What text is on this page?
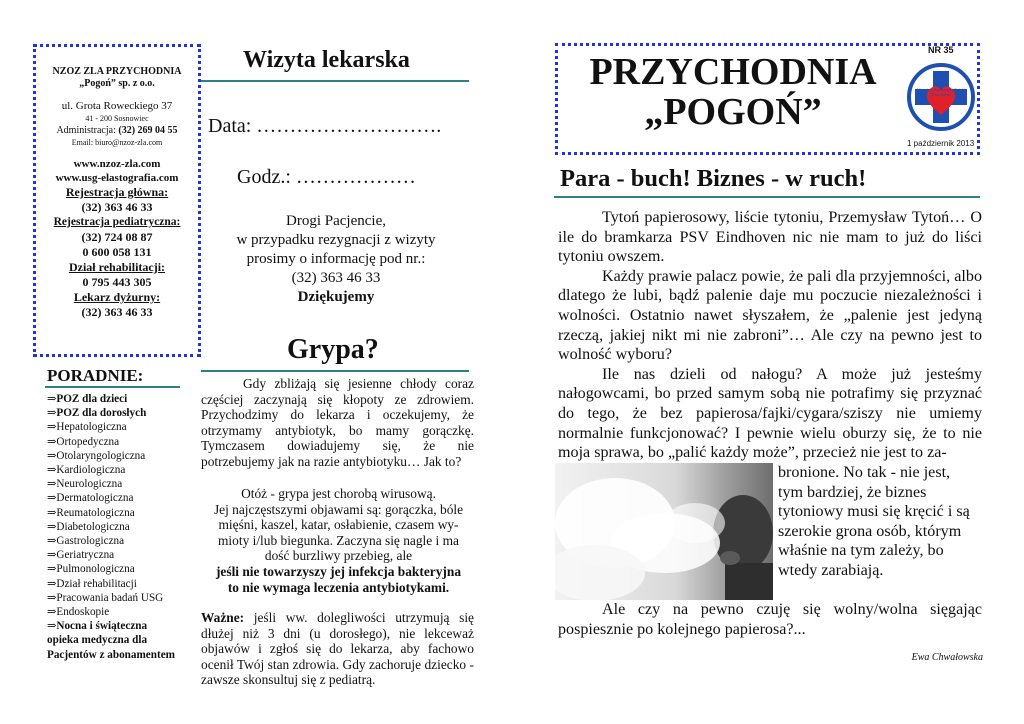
NZOZ ZLA PRZYCHODNIA
„Pogoń” sp. z o.o.
ul. Grota Roweckiego 37
41 - 200 Sosnowiec
Administracja: (32) 269 04 55
Email: biuro@nzoz-zla.com
www.nzoz-zla.com
www.usg-elastografia.com
Rejestracja główna:
(32) 363 46 33
Rejestracja pediatryczna:
(32) 724 08 87
0 600 058 131
Dział rehabilitacji:
0 795 443 305
Lekarz dyżurny:
(32) 363 46 33
PORADNIE:
⇒POZ dla dzieci
⇒POZ dla dorosłych
⇒Hepatologiczna
⇒Ortopedyczna
⇒Otolaryngologiczna
⇒Kardiologiczna
⇒Neurologiczna
⇒Dermatologiczna
⇒Reumatologiczna
⇒Diabetologiczna
⇒Gastrologiczna
⇒Geriatryczna
⇒Pulmonologiczna
⇒Dział rehabilitacji
⇒Pracowania badań USG
⇒Endoskopie
⇒Nocna i świąteczna
opieka medyczna dla
Pacjentów z abonamentem
Wizyta lekarska
Data: ……………………….
Godz.: ………………
Drogi Pacjencie,
w przypadku rezygnacji z wizyty
prosimy o informację pod nr.:
(32) 363 46 33
Dziękujemy
Grypa?
Gdy zbliżają się jesienne chłody coraz częściej zaczynają się kłopoty ze zdrowiem. Przychodzimy do lekarza i oczekujemy, że otrzymamy antybiotyk, bo mamy gorączkę. Tymczasem dowiadujemy się, że nie potrzebujemy jak na razie antybiotyku… Jak to?
Otóż - grypa jest chorobą wirusową.
Jej najczęstszymi objawami są: gorączka, bóle
mięśni, kaszel, katar, osłabienie, czasem wy-
mioty i/lub biegunka. Zaczyna się nagle i ma
dość burzliwy przebieg, ale
jeśli nie towarzyszy jej infekcja bakteryjna
to nie wymaga leczenia antybiotykami.
Ważne: jeśli ww. dolegliwości utrzymują się dłużej niż 3 dni (u dorosłego), nie lekceważ objawów i zgłoś się do lekarza, aby fachowo ocenił Twój stan zdrowia. Gdy zachoruje dziecko - zawsze skonsultuj się z pediatrą.
PRZYCHODNIA
„POGOŃ”
NR 35
Niepubliczny Zakład Opieki Zdrowotnej
1 październik 2013
Para - buch! Biznes - w ruch!
Tytoń papierosowy, liście tytoniu, Przemysław Tytoń… O ile do bramkarza PSV Eindhoven nic nie mam to już do liści tytoniu owszem.
Każdy prawie palacz powie, że pali dla przyjemności, albo dlatego że lubi, bądź palenie daje mu poczucie niezależności i wolności. Ostatnio nawet słyszałem, że „palenie jest jedyną rzeczą, jakiej nikt mi nie zabroni”… Ale czy na pewno jest to wolność wyboru?
Ile nas dzieli od nałogu? A może już jesteśmy nałogowcami, bo przed samym sobą nie potrafimy się przyznać do tego, że bez papierosa/fajki/cygara/sziszy nie umiemy normalnie funkcjonować? I pewnie wielu oburzy się, że to nie moja sprawa, bo „palić każdy może”, przecież nie jest to za-
bronione. No tak - nie jest, tym bardziej, że biznes tytoniowy musi się kręcić i są szerokie grona osób, którym właśnie na tym zależy, bo wtedy zarabiają.
Ale czy na pewno czuję się wolny/wolna sięgając pospiesznie po kolejnego papierosa?...
Ewa Chwałowska
